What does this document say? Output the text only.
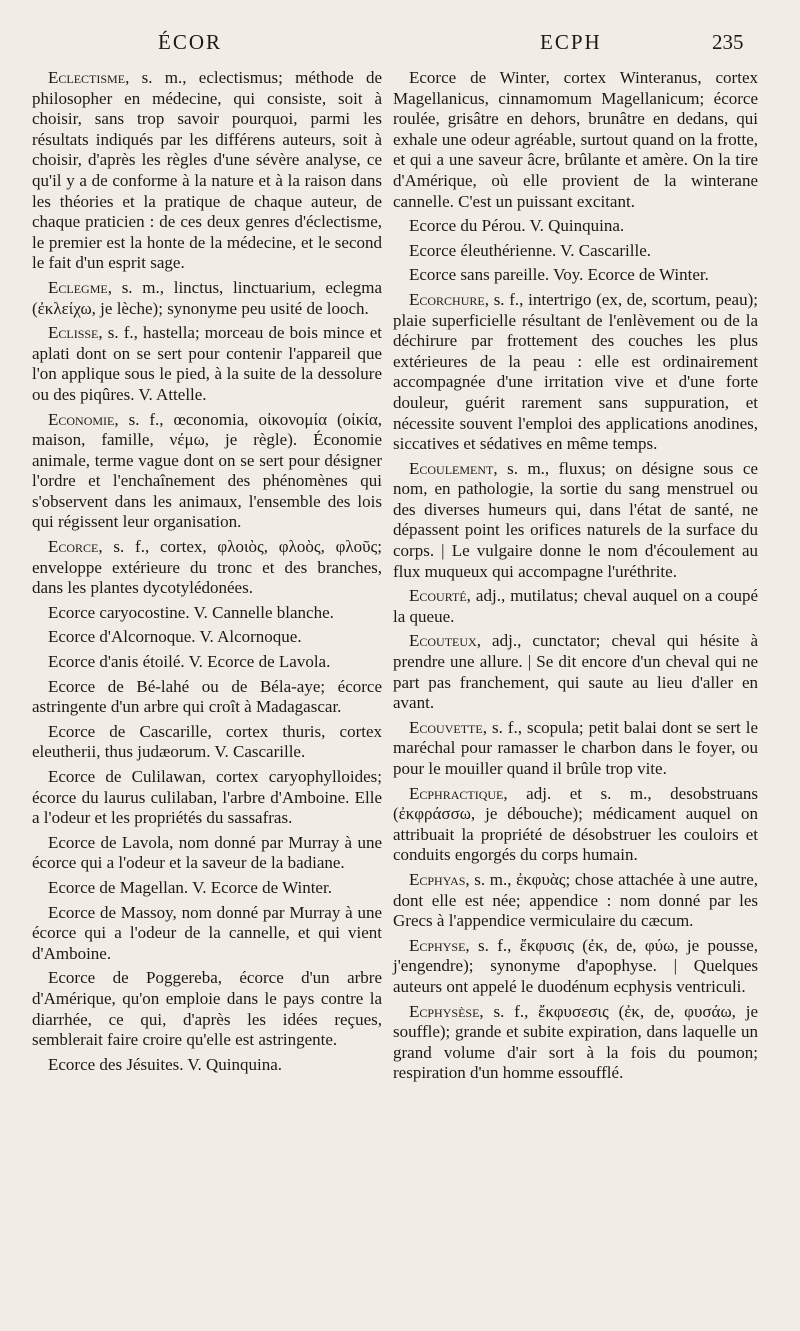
ÉCOR	ECPH	235

Eclectisme, s. m., eclectismus; méthode de philosopher en médecine, qui consiste, soit à choisir, sans trop savoir pourquoi, parmi les résultats indiqués par les différens auteurs, soit à choisir, d'après les règles d'une sévère analyse, ce qu'il y a de conforme à la nature et à la raison dans les théories et la pratique de chaque auteur, de chaque praticien : de ces deux genres d'éclectisme, le premier est la honte de la médecine, et le second le fait d'un esprit sage.

Eclegme, s. m., linctus, linctuarium, eclegma (ἐκλείχω, je lèche); synonyme peu usité de looch.

Eclisse, s. f., hastella; morceau de bois mince et aplati dont on se sert pour contenir l'appareil que l'on applique sous le pied, à la suite de la dessolure ou des piqûres. V. Attelle.

Economie, s. f., œconomia, οἰκονομία (οἰκία, maison, famille, νέμω, je règle). Économie animale, terme vague dont on se sert pour désigner l'ordre et l'enchaînement des phénomènes qui s'observent dans les animaux, l'ensemble des lois qui régissent leur organisation.

Ecorce, s. f., cortex, φλοιὸς, φλοὸς, φλοῦς; enveloppe extérieure du tronc et des branches, dans les plantes dycotylédonées.

Ecorce caryocostine. V. Cannelle blanche.

Ecorce d'Alcornoque. V. Alcornoque.

Ecorce d'anis étoilé. V. Ecorce de Lavola.

Ecorce de Bé-lahé ou de Béla-aye; écorce astringente d'un arbre qui croît à Madagascar.

Ecorce de Cascarille, cortex thuris, cortex eleutherii, thus judæorum. V. Cascarille.

Ecorce de Culilawan, cortex caryophylloides; écorce du laurus culilaban, l'arbre d'Amboine. Elle a l'odeur et les propriétés du sassafras.

Ecorce de Lavola, nom donné par Murray à une écorce qui a l'odeur et la saveur de la badiane.

Ecorce de Magellan. V. Ecorce de Winter.

Ecorce de Massoy, nom donné par Murray à une écorce qui a l'odeur de la cannelle, et qui vient d'Amboine.

Ecorce de Poggereba, écorce d'un arbre d'Amérique, qu'on emploie dans le pays contre la diarrhée, ce qui, d'après les idées reçues, semblerait faire croire qu'elle est astringente.

Ecorce des Jésuites. V. Quinquina.

Ecorce de Winter, cortex Winteranus, cortex Magellanicus, cinnamomum Magellanicum; écorce roulée, grisâtre en dehors, brunâtre en dedans, qui exhale une odeur agréable, surtout quand on la frotte, et qui a une saveur âcre, brûlante et amère. On la tire d'Amérique, où elle provient de la winterane cannelle. C'est un puissant excitant.

Ecorce du Pérou. V. Quinquina.

Ecorce éleuthérienne. V. Cascarille.

Ecorce sans pareille. Voy. Ecorce de Winter.

Ecorchure, s. f., intertrigo (ex, de, scortum, peau); plaie superficielle résultant de l'enlèvement ou de la déchirure par frottement des couches les plus extérieures de la peau : elle est ordinairement accompagnée d'une irritation vive et d'une forte douleur, guérit rarement sans suppuration, et nécessite souvent l'emploi des applications anodines, siccatives et sédatives en même temps.

Ecoulement, s. m., fluxus; on désigne sous ce nom, en pathologie, la sortie du sang menstruel ou des diverses humeurs qui, dans l'état de santé, ne dépassent point les orifices naturels de la surface du corps. | Le vulgaire donne le nom d'écoulement au flux muqueux qui accompagne l'uréthrite.

Ecourté, adj., mutilatus; cheval auquel on a coupé la queue.

Ecouteux, adj., cunctator; cheval qui hésite à prendre une allure. | Se dit encore d'un cheval qui ne part pas franchement, qui saute au lieu d'aller en avant.

Ecouvette, s. f., scopula; petit balai dont se sert le maréchal pour ramasser le charbon dans le foyer, ou pour le mouiller quand il brûle trop vite.

Ecphractique, adj. et s. m., desobstruans (ἐκφράσσω, je débouche); médicament auquel on attribuait la propriété de désobstruer les couloirs et conduits engorgés du corps humain.

Ecphyas, s. m., ἐκφυὰς; chose attachée à une autre, dont elle est née; appendice : nom donné par les Grecs à l'appendice vermiculaire du cæcum.

Ecphyse, s. f., ἔκφυσις (ἐκ, de, φύω, je pousse, j'engendre); synonyme d'apophyse. | Quelques auteurs ont appelé le duodénum ecphysis ventriculi.

Ecphysèse, s. f., ἔκφυσεσις (ἐκ, de, φυσάω, je souffle); grande et subite expiration, dans laquelle un grand volume d'air sort à la fois du poumon; respiration d'un homme essoufflé.
